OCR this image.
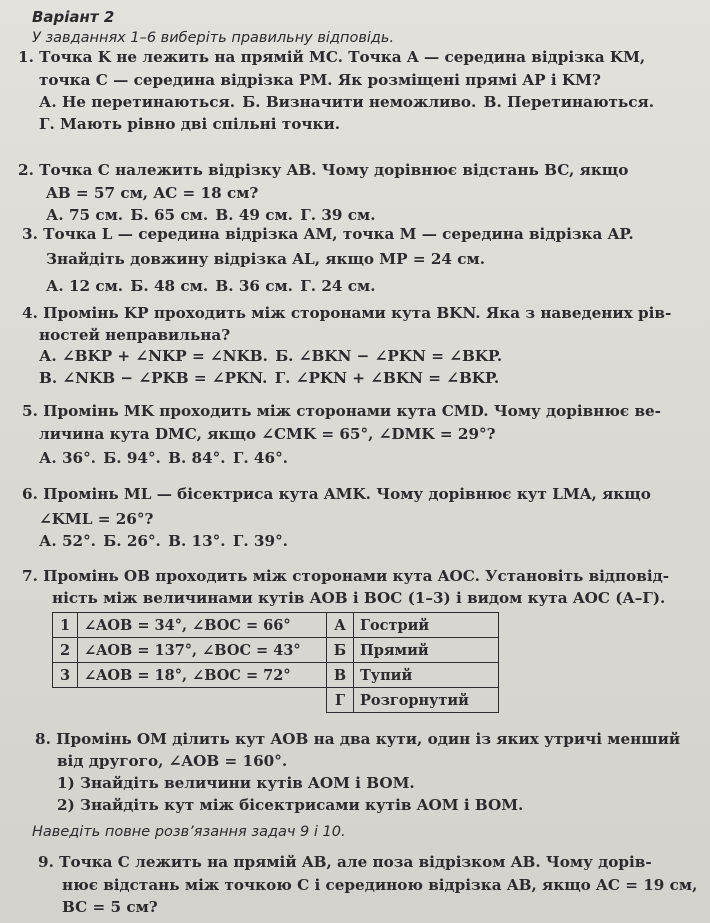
Варіант 2
У завданнях 1–6 виберіть правильну відповідь.
1. Точка K не лежить на прямій MC. Точка A — середина відрізка KM,
точка C — середина відрізка PM. Як розміщені прямі AP і KM?
А. Не перетинаються. Б. Визначити неможливо. В. Перетинаються.
Г. Мають рівно дві спільні точки.
2. Точка C належить відрізку AB. Чому дорівнює відстань BC, якщо
AB = 57 см, AC = 18 см?
А. 75 см. Б. 65 см. В. 49 см. Г. 39 см.
3. Точка L — середина відрізка AM, точка M — середина відрізка AP.
Знайдіть довжину відрізка AL, якщо MP = 24 см.
А. 12 см. Б. 48 см. В. 36 см. Г. 24 см.
4. Промінь KP проходить між сторонами кута BKN. Яка з наведених рів-
ностей неправильна?
А. ∠BKP + ∠NKP = ∠NKB. Б. ∠BKN − ∠PKN = ∠BKP.
В. ∠NKB − ∠PKB = ∠PKN. Г. ∠PKN + ∠BKN = ∠BKP.
5. Промінь MK проходить між сторонами кута CMD. Чому дорівнює ве-
личина кута DMC, якщо ∠CMK = 65°, ∠DMK = 29°?
А. 36°. Б. 94°. В. 84°. Г. 46°.
6. Промінь ML — бісектриса кута AMK. Чому дорівнює кут LMA, якщо
∠KML = 26°?
А. 52°. Б. 26°. В. 13°. Г. 39°.
7. Промінь OB проходить між сторонами кута AOC. Установіть відповід-
ність між величинами кутів AOB і BOC (1–3) і видом кута AOC (А–Г).
1	∠AOB = 34°, ∠BOC = 66°	А	Гострий
2	∠AOB = 137°, ∠BOC = 43°	Б	Прямий
3	∠AOB = 18°, ∠BOC = 72°	В	Тупий
		Г	Розгорнутий
8. Промінь OM ділить кут AOB на два кути, один із яких утричі менший
від другого, ∠AOB = 160°.
1) Знайдіть величини кутів AOM і BOM.
2) Знайдіть кут між бісектрисами кутів AOM і BOM.
Наведіть повне розв’язання задач 9 і 10.
9. Точка C лежить на прямій AB, але поза відрізком AB. Чому дорів-
нює відстань між точкою C і серединою відрізка AB, якщо AC = 19 см,
BC = 5 см?
